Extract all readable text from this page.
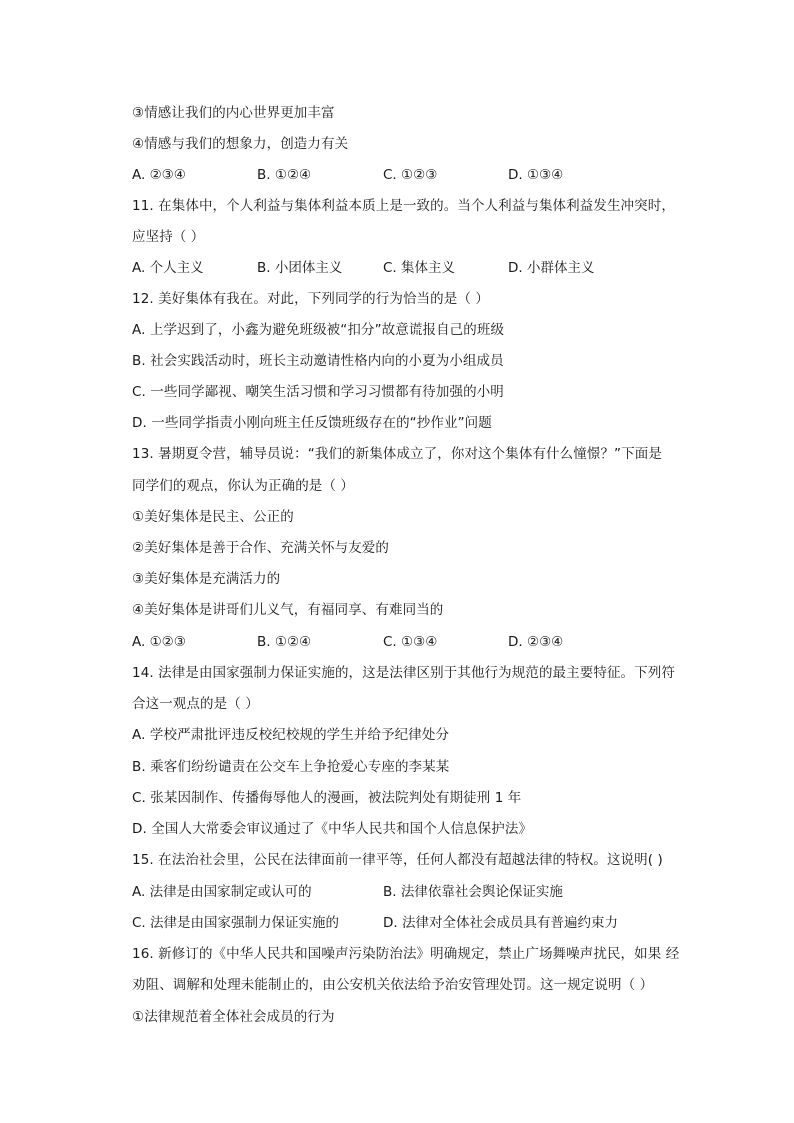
③情感让我们的内心世界更加丰富
④情感与我们的想象力，创造力有关
A. ②③④	B. ①②④	C. ①②③	D. ①③④
11. 在集体中，个人利益与集体利益本质上是一致的。当个人利益与集体利益发生冲突时，
应坚持（ ）
A. 个人主义	B. 小团体主义	C. 集体主义	D. 小群体主义
12. 美好集体有我在。对此，下列同学的行为恰当的是（ ）
A. 上学迟到了，小鑫为避免班级被“扣分”故意谎报自己的班级
B. 社会实践活动时，班长主动邀请性格内向的小夏为小组成员
C. 一些同学鄙视、嘲笑生活习惯和学习习惯都有待加强的小明
D. 一些同学指责小刚向班主任反馈班级存在的“抄作业”问题
13. 暑期夏令营，辅导员说：“我们的新集体成立了，你对这个集体有什么憧憬？”下面是
同学们的观点，你认为正确的是（ ）
①美好集体是民主、公正的
②美好集体是善于合作、充满关怀与友爱的
③美好集体是充满活力的
④美好集体是讲哥们儿义气，有福同享、有难同当的
A. ①②③	B. ①②④	C. ①③④	D. ②③④
14. 法律是由国家强制力保证实施的，这是法律区别于其他行为规范的最主要特征。下列符
合这一观点的是（ ）
A. 学校严肃批评违反校纪校规的学生并给予纪律处分
B. 乘客们纷纷谴责在公交车上争抢爱心专座的李某某
C. 张某因制作、传播侮辱他人的漫画，被法院判处有期徒刑 1 年
D. 全国人大常委会审议通过了《中华人民共和国个人信息保护法》
15. 在法治社会里，公民在法律面前一律平等，任何人都没有超越法律的特权。这说明( )
A. 法律是由国家制定或认可的	B. 法律依靠社会舆论保证实施
C. 法律是由国家强制力保证实施的	D. 法律对全体社会成员具有普遍约束力
16. 新修订的《中华人民共和国噪声污染防治法》明确规定，禁止广场舞噪声扰民，如果 经
劝阻、调解和处理未能制止的，由公安机关依法给予治安管理处罚。这一规定说明（ ）
①法律规范着全体社会成员的行为
